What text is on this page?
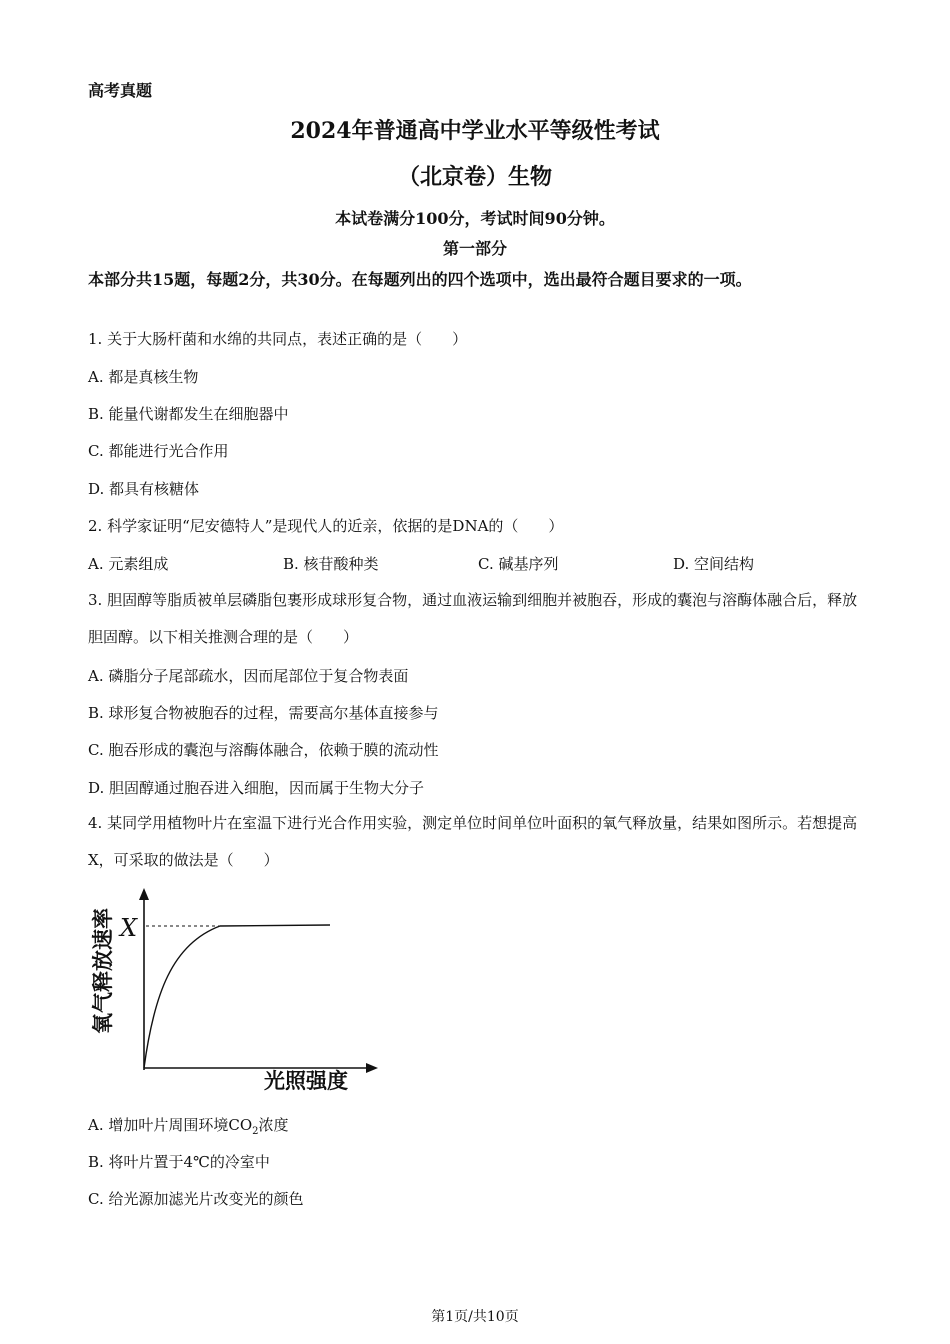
高考真题
2024年普通高中学业水平等级性考试
（北京卷）生物
本试卷满分100分，考试时间90分钟。
第一部分
本部分共15题，每题2分，共30分。在每题列出的四个选项中，选出最符合题目要求的一项。
1. 关于大肠杆菌和水绵的共同点，表述正确的是（　　）
A. 都是真核生物
B. 能量代谢都发生在细胞器中
C. 都能进行光合作用
D. 都具有核糖体
2. 科学家证明“尼安德特人”是现代人的近亲，依据的是DNA的（　　）
A. 元素组成	B. 核苷酸种类	C. 碱基序列	D. 空间结构
3. 胆固醇等脂质被单层磷脂包裹形成球形复合物，通过血液运输到细胞并被胞吞，形成的囊泡与溶酶体融合后，释放胆固醇。以下相关推测合理的是（　　）
A. 磷脂分子尾部疏水，因而尾部位于复合物表面
B. 球形复合物被胞吞的过程，需要高尔基体直接参与
C. 胞吞形成的囊泡与溶酶体融合，依赖于膜的流动性
D. 胆固醇通过胞吞进入细胞，因而属于生物大分子
4. 某同学用植物叶片在室温下进行光合作用实验，测定单位时间单位叶面积的氧气释放量，结果如图所示。若想提高X，可采取的做法是（　　）
X
氧气释放速率
光照强度
A. 增加叶片周围环境$CO_2$浓度
B. 将叶片置于4℃的冷室中
C. 给光源加滤光片改变光的颜色
第1页/共10页
